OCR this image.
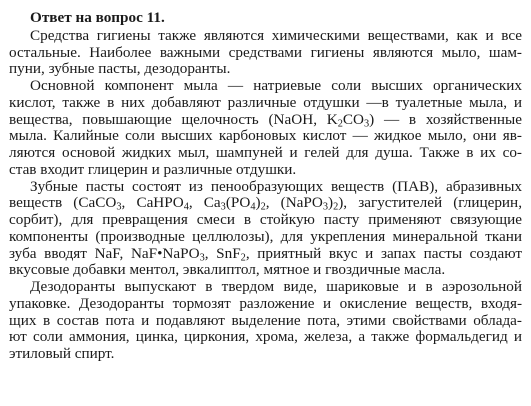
Ответ на вопрос 11.
Средства гигиены также являются химическими веществами, как и все
остальные. Наиболее важными средствами гигиены являются мыло, шам-
пуни, зубные пасты, дезодоранты.
Основной компонент мыла — натриевые соли высших органических
кислот, также в них добавляют различные отдушки —в туалетные мыла, и
вещества, повышающие щелочность (NaOH, $K_2CO_3$) — в хозяйственные
мыла. Калийные соли высших карбоновых кислот — жидкое мыло, они яв-
ляются основой жидких мыл, шампуней и гелей для душа. Также в их со-
став входит глицерин и различные отдушки.
Зубные пасты состоят из пенообразующих веществ (ПАВ), абразивных
веществ (CaCO$_3$, CaHPO$_4$, $Ca_3(PO_4)_2$, $(NaPO_3)_2$), загустителей (глицерин,
сорбит), для превращения смеси в стойкую пасту применяют связующие
компоненты (производные целлюлозы), для укрепления минеральной ткани
зуба вводят NaF, NaF•NaPO$_3$, SnF$_2$, приятный вкус и запах пасты создают
вкусовые добавки ментол, эвкалиптол, мятное и гвоздичные масла.
Дезодоранты выпускают в твердом виде, шариковые и в аэрозольной
упаковке. Дезодоранты тормозят разложение и окисление веществ, входя-
щих в состав пота и подавляют выделение пота, этими свойствами облада-
ют соли аммония, цинка, циркония, хрома, железа, а также формальдегид и
этиловый спирт.
